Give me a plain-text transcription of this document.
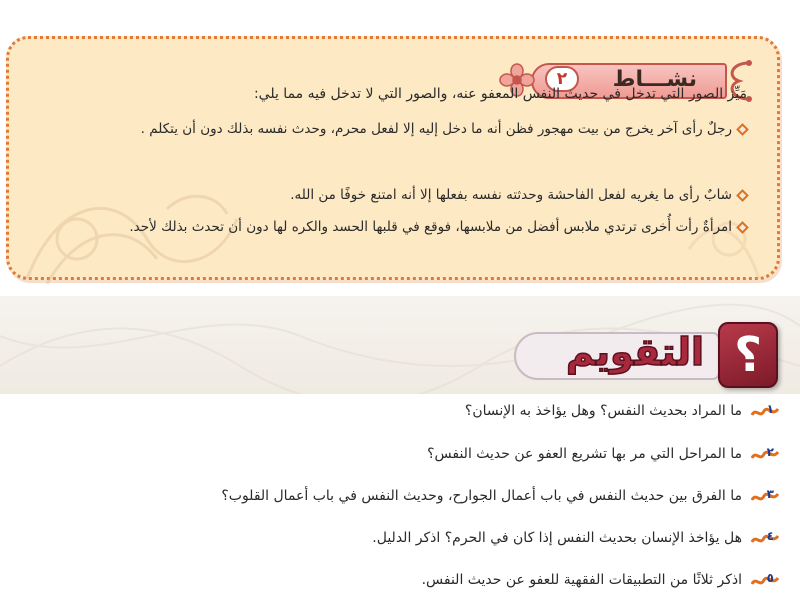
نشـــاط
٢
مَيِّز الصور التي تدخل في حديث النفس المعفو عنه، والصور التي لا تدخل فيه مما يلي:
رجلٌ رأى آخر يخرج من بيت مهجور فظن أنه ما دخل إليه إلا لفعل محرم، وحدث نفسه بذلك دون أن يتكلم .
شابٌ رأى ما يغريه لفعل الفاحشة وحدثته نفسه بفعلها إلا أنه امتنع خوفًا من الله.
امرأةٌ رأت أُخرى ترتدي ملابس أفضل من ملابسها، فوقع في قلبها الحسد والكره لها دون أن تحدث بذلك لأحد.
التقويم ؟
١
ما المراد بحديث النفس؟ وهل يؤاخذ به الإنسان؟
٢
ما المراحل التي مر بها تشريع العفو عن حديث النفس؟
٣
ما الفرق بين حديث النفس في باب أعمال الجوارح، وحديث النفس في باب أعمال القلوب؟
٤
هل يؤاخذ الإنسان بحديث النفس إذا كان في الحرم؟ اذكر الدليل.
٥
اذكر ثلاثًا من التطبيقات الفقهية للعفو عن حديث النفس.
